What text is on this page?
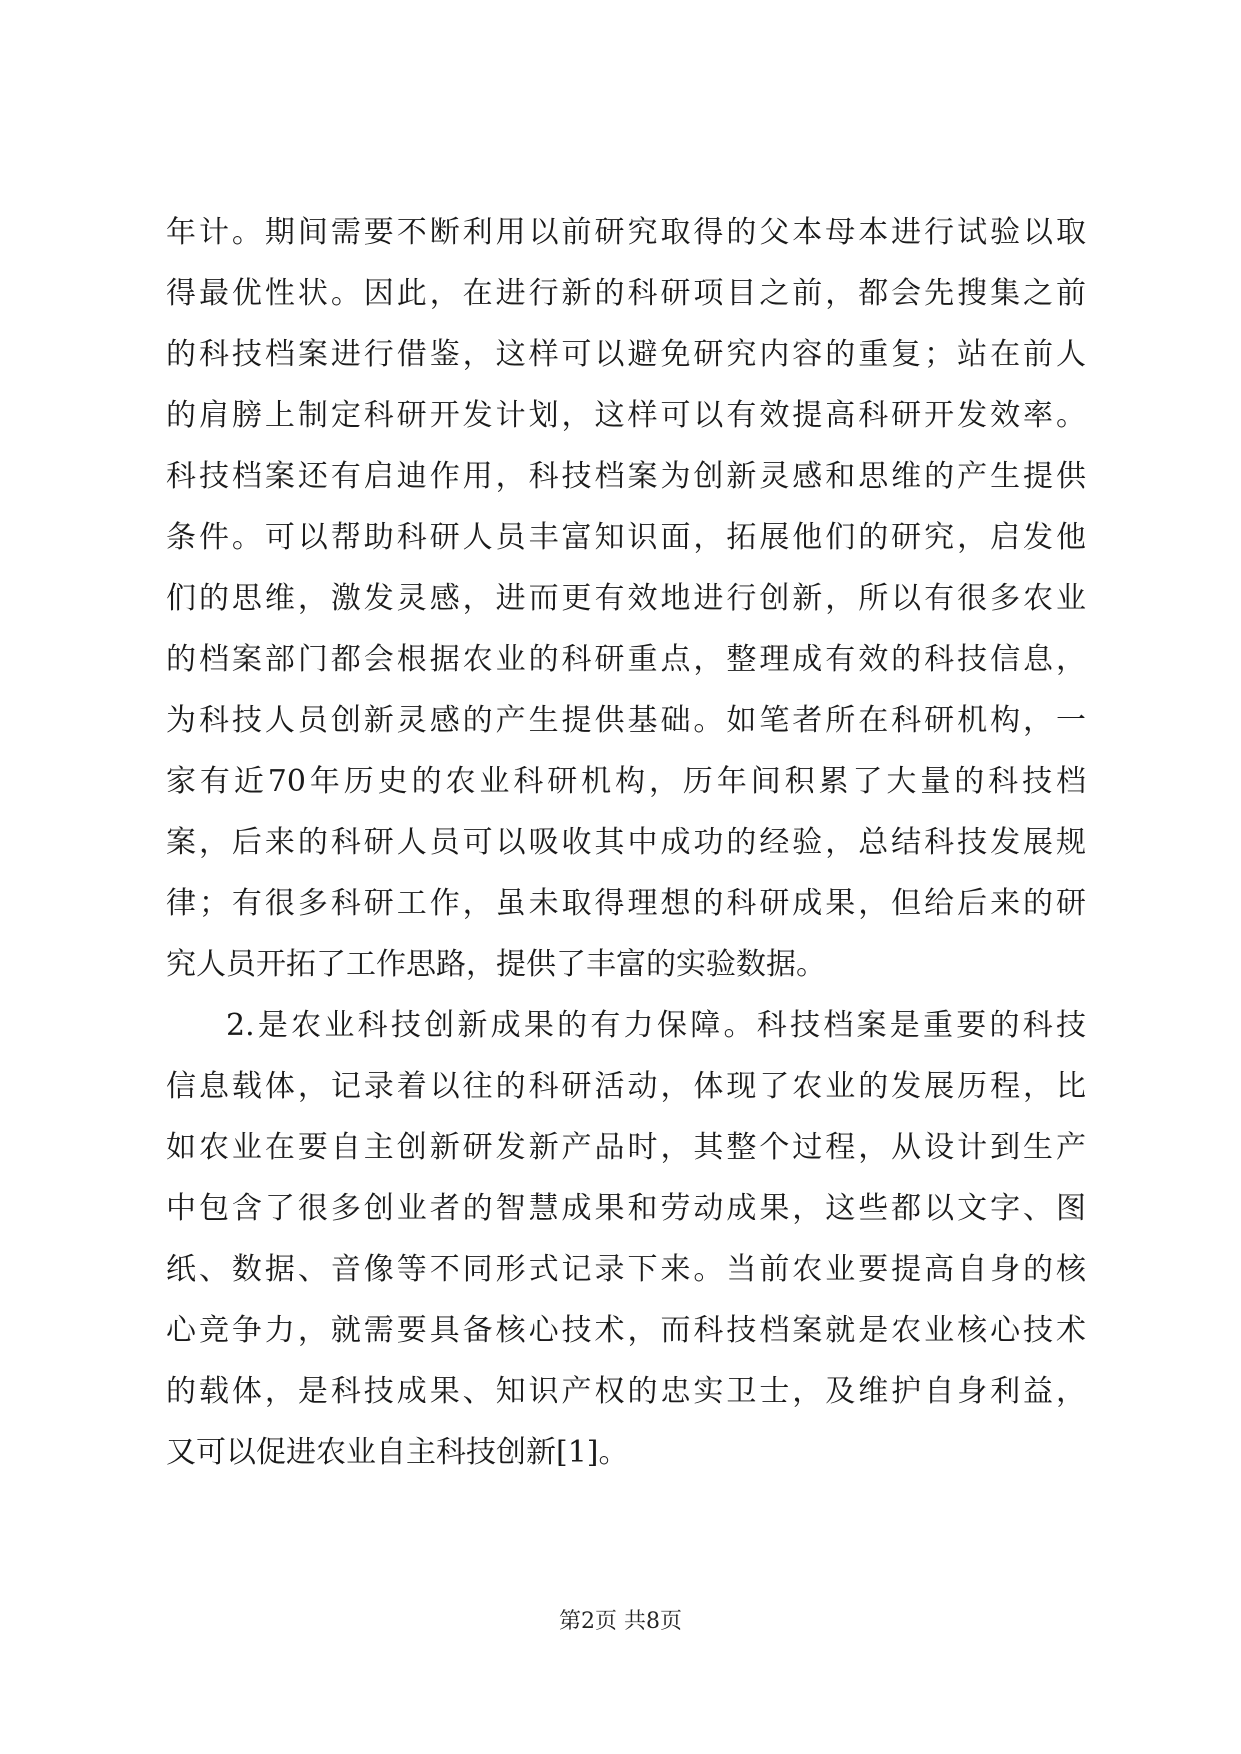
年计。期间需要不断利用以前研究取得的父本母本进行试验以取
得最优性状。因此，在进行新的科研项目之前，都会先搜集之前
的科技档案进行借鉴，这样可以避免研究内容的重复；站在前人
的肩膀上制定科研开发计划，这样可以有效提高科研开发效率。
科技档案还有启迪作用，科技档案为创新灵感和思维的产生提供
条件。可以帮助科研人员丰富知识面，拓展他们的研究，启发他
们的思维，激发灵感，进而更有效地进行创新，所以有很多农业
的档案部门都会根据农业的科研重点，整理成有效的科技信息，
为科技人员创新灵感的产生提供基础。如笔者所在科研机构，一
家有近70年历史的农业科研机构，历年间积累了大量的科技档
案，后来的科研人员可以吸收其中成功的经验，总结科技发展规
律；有很多科研工作，虽未取得理想的科研成果，但给后来的研
究人员开拓了工作思路，提供了丰富的实验数据。
2.是农业科技创新成果的有力保障。科技档案是重要的科技
信息载体，记录着以往的科研活动，体现了农业的发展历程，比
如农业在要自主创新研发新产品时，其整个过程，从设计到生产
中包含了很多创业者的智慧成果和劳动成果，这些都以文字、图
纸、数据、音像等不同形式记录下来。当前农业要提高自身的核
心竞争力，就需要具备核心技术，而科技档案就是农业核心技术
的载体，是科技成果、知识产权的忠实卫士，及维护自身利益，
又可以促进农业自主科技创新[1]。
第2页 共8页
